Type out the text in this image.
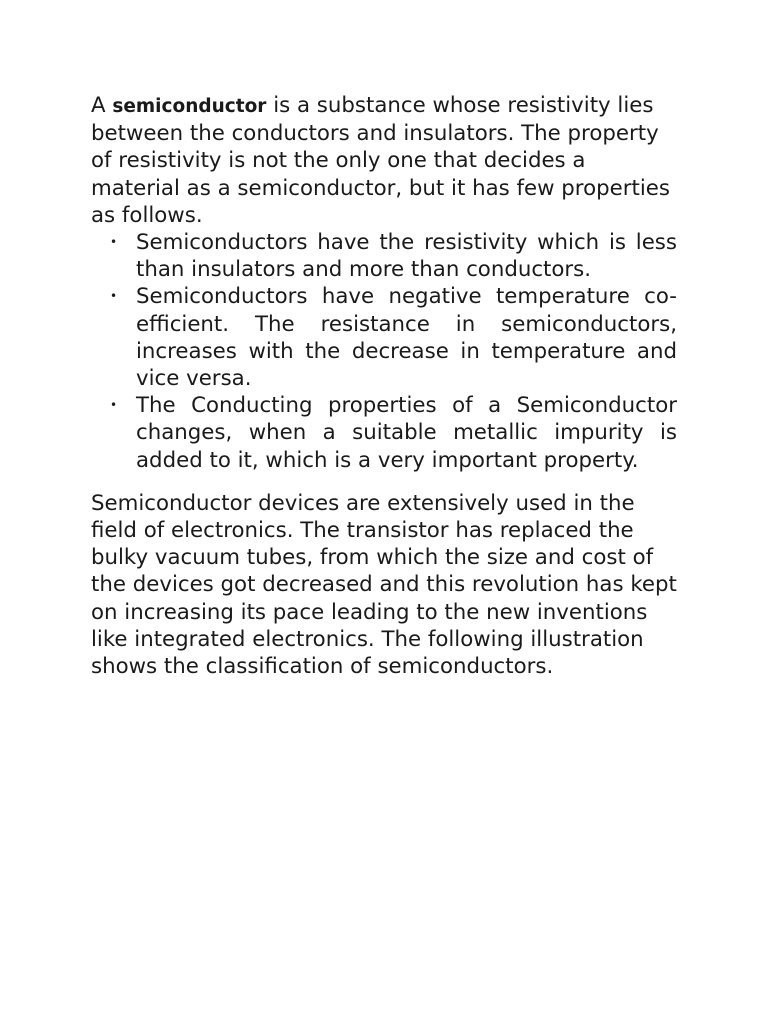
A semiconductor is a substance whose resistivity lies between the conductors and insulators. The property of resistivity is not the only one that decides a material as a semiconductor, but it has few properties as follows.

• Semiconductors have the resistivity which is less than insulators and more than conductors.
• Semiconductors have negative temperature co-efficient. The resistance in semiconductors, increases with the decrease in temperature and vice versa.
• The Conducting properties of a Semiconductor changes, when a suitable metallic impurity is added to it, which is a very important property.

Semiconductor devices are extensively used in the field of electronics. The transistor has replaced the bulky vacuum tubes, from which the size and cost of the devices got decreased and this revolution has kept on increasing its pace leading to the new inventions like integrated electronics. The following illustration shows the classification of semiconductors.
